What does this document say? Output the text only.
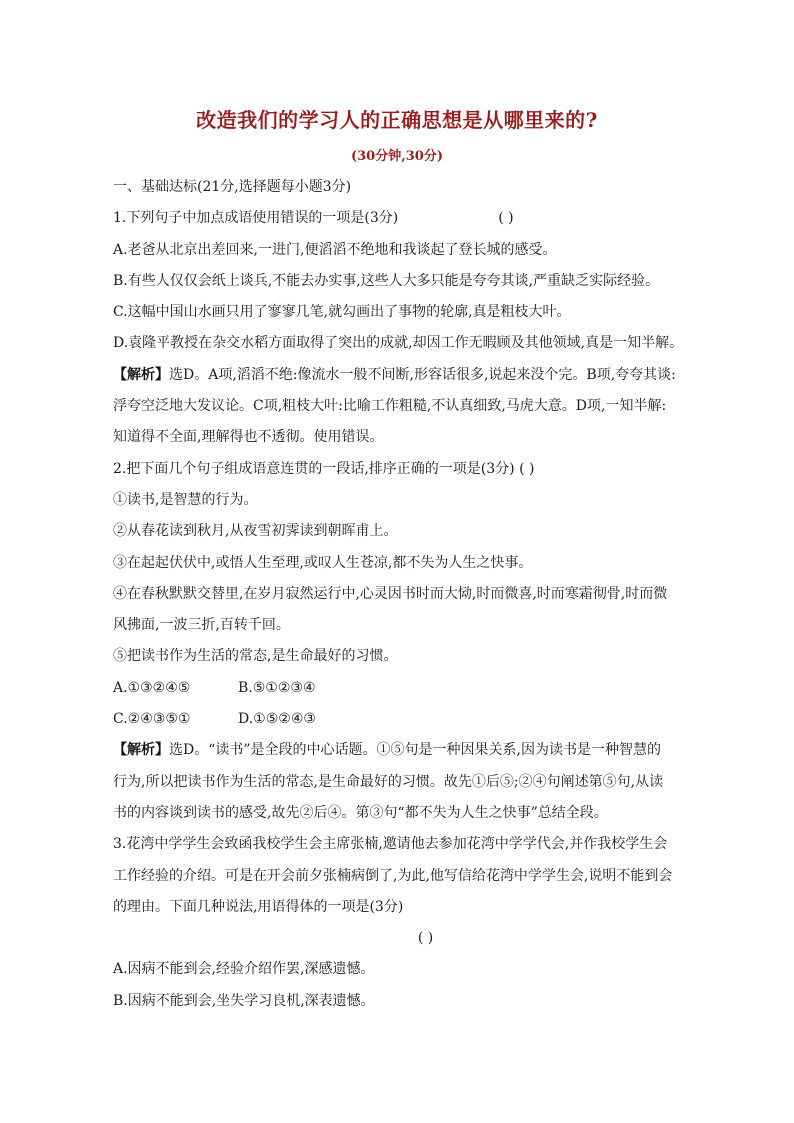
改造我们的学习人的正确思想是从哪里来的?
(30分钟,30分)
一、基础达标(21分,选择题每小题3分)
1.下列句子中加点成语使用错误的一项是(3分)	( )
A.老爸从北京出差回来,一进门,便滔滔不绝地和我谈起了登长城的感受。
B.有些人仅仅会纸上谈兵,不能去办实事,这些人大多只能是夸夸其谈,严重缺乏实际经验。
C.这幅中国山水画只用了寥寥几笔,就勾画出了事物的轮廓,真是粗枝大叶。
D.袁隆平教授在杂交水稻方面取得了突出的成就,却因工作无暇顾及其他领域,真是一知半解。
【解析】选D。A项,滔滔不绝:像流水一般不间断,形容话很多,说起来没个完。B项,夸夸其谈:
浮夸空泛地大发议论。C项,粗枝大叶:比喻工作粗糙,不认真细致,马虎大意。D项,一知半解:
知道得不全面,理解得也不透彻。使用错误。
2.把下面几个句子组成语意连贯的一段话,排序正确的一项是(3分) ( )
①读书,是智慧的行为。
②从春花读到秋月,从夜雪初霁读到朝晖甫上。
③在起起伏伏中,或悟人生至理,或叹人生苍凉,都不失为人生之快事。
④在春秋默默交替里,在岁月寂然运行中,心灵因书时而大恸,时而微喜,时而寒霜彻骨,时而微
风拂面,一波三折,百转千回。
⑤把读书作为生活的常态,是生命最好的习惯。
A.①③②④⑤	B.⑤①②③④
C.②④③⑤①	D.①⑤②④③
【解析】选D。“读书”是全段的中心话题。①⑤句是一种因果关系,因为读书是一种智慧的
行为,所以把读书作为生活的常态,是生命最好的习惯。故先①后⑤;②④句阐述第⑤句,从读
书的内容谈到读书的感受,故先②后④。第③句“都不失为人生之快事”总结全段。
3.花湾中学学生会致函我校学生会主席张楠,邀请他去参加花湾中学学代会,并作我校学生会
工作经验的介绍。可是在开会前夕张楠病倒了,为此,他写信给花湾中学学生会,说明不能到会
的理由。下面几种说法,用语得体的一项是(3分)
( )
A.因病不能到会,经验介绍作罢,深感遗憾。
B.因病不能到会,坐失学习良机,深表遗憾。
